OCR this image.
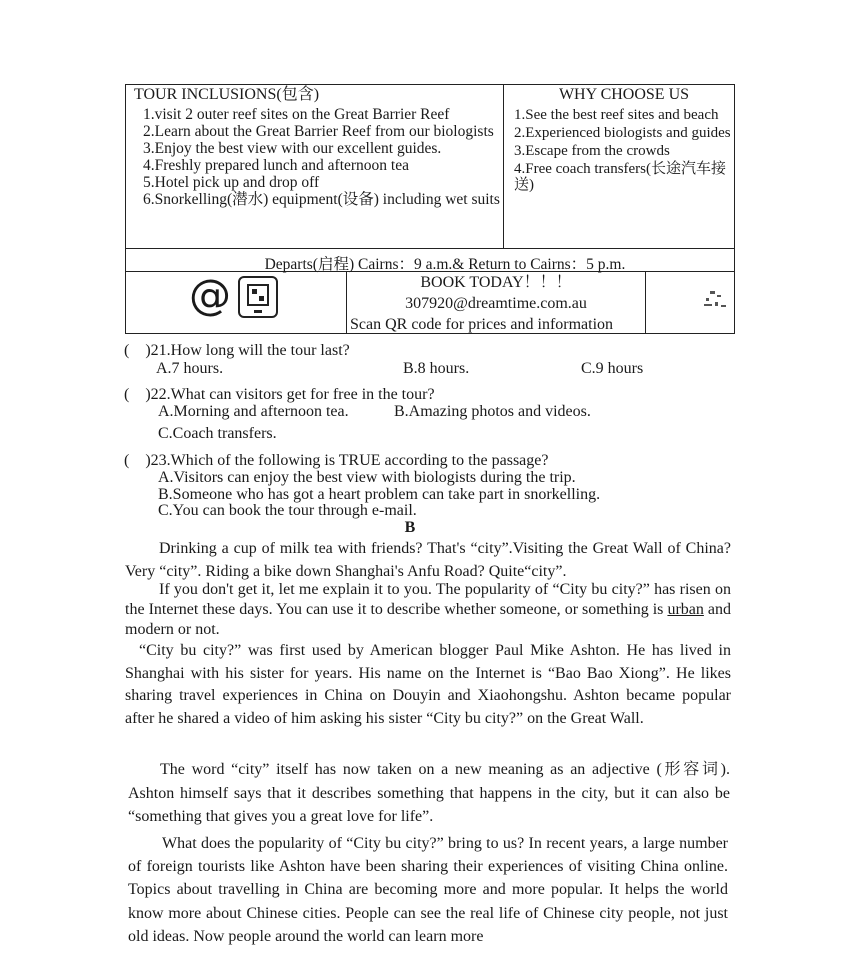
TOUR INCLUSIONS(包含)
1.visit 2 outer reef sites on the Great Barrier Reef
2.Learn about the Great Barrier Reef from our biologists
3.Enjoy the best view with our excellent guides.
4.Freshly prepared lunch and afternoon tea
5.Hotel pick up and drop off
6.Snorkelling(潜水) equipment(设备) including wet suits
WHY CHOOSE US
1.See the best reef sites and beach
2.Experienced biologists and guides
3.Escape from the crowds
4.Free coach transfers(长途汽车接送)
Departs(启程) Cairns：9 a.m.& Return to Cairns：5 p.m.
@	BOOK TODAY！！！
307920@dreamtime.com.au
Scan QR code for prices and information
(　)21.How long will the tour last?
A.7 hours.	B.8 hours.	C.9 hours
(　)22.What can visitors get for free in the tour?
A.Morning and afternoon tea.	B.Amazing photos and videos.
C.Coach transfers.
(　)23.Which of the following is TRUE according to the passage?
A.Visitors can enjoy the best view with biologists during the trip.
B.Someone who has got a heart problem can take part in snorkelling.
C.You can book the tour through e-mail.
B
Drinking a cup of milk tea with friends? That's “city”.Visiting the Great Wall of China? Very “city”. Riding a bike down Shanghai's Anfu Road? Quite“city”.
If you don't get it, let me explain it to you. The popularity of “City bu city?” has risen on the Internet these days. You can use it to describe whether someone, or something is urban and modern or not.
“City bu city?” was first used by American blogger Paul Mike Ashton. He has lived in Shanghai with his sister for years. His name on the Internet is “Bao Bao Xiong”. He likes sharing travel experiences in China on Douyin and Xiaohongshu. Ashton became popular after he shared a video of him asking his sister “City bu city?” on the Great Wall.
The word “city” itself has now taken on a new meaning as an adjective (形容词). Ashton himself says that it describes something that happens in the city, but it can also be “something that gives you a great love for life”.
What does the popularity of “City bu city?” bring to us? In recent years, a large number of foreign tourists like Ashton have been sharing their experiences of visiting China online. Topics about travelling in China are becoming more and more popular. It helps the world know more about Chinese cities. People can see the real life of Chinese city people, not just old ideas. Now people around the world can learn more
